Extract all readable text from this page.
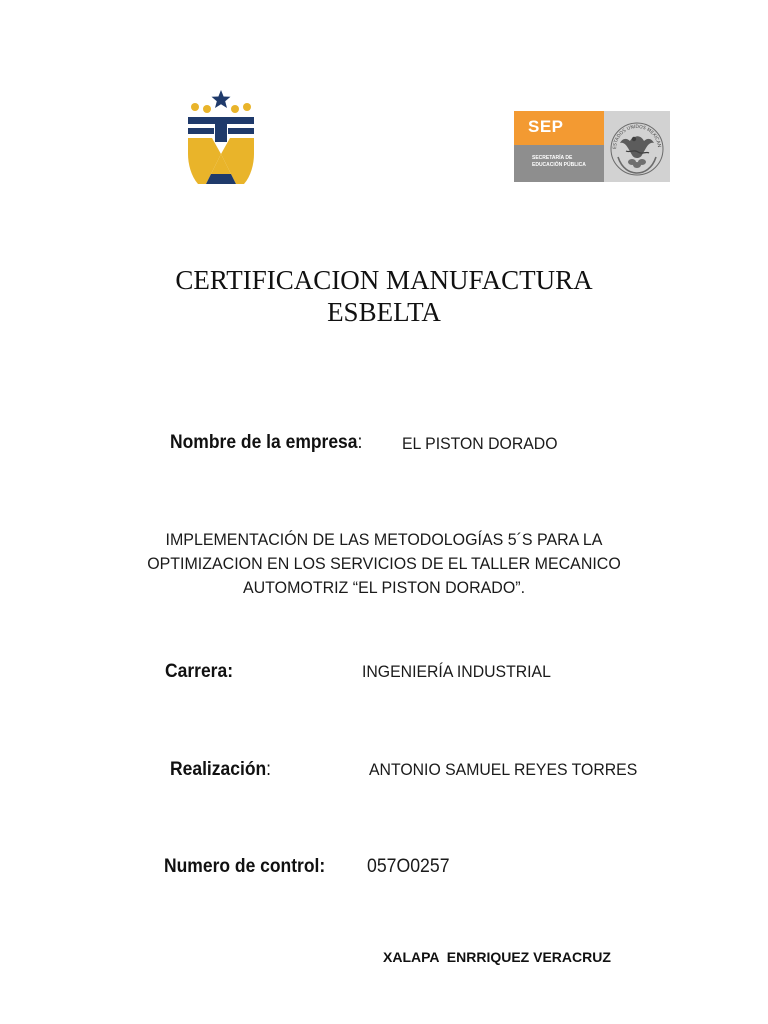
SEP
SECRETARÍA DE
EDUCACIÓN PÚBLICA
ESTADOS UNIDOS MEXICAN
CERTIFICACION MANUFACTURA
ESBELTA
Nombre de la empresa: EL PISTON DORADO
IMPLEMENTACIÓN DE LAS METODOLOGÍAS 5´S PARA LA
OPTIMIZACION EN LOS SERVICIOS DE EL TALLER MECANICO
AUTOMOTRIZ “EL PISTON DORADO”.
Carrera:	INGENIERÍA INDUSTRIAL
Realización:	ANTONIO SAMUEL REYES TORRES
Numero de control: 057O0257
XALAPA  ENRRIQUEZ VERACRUZ
